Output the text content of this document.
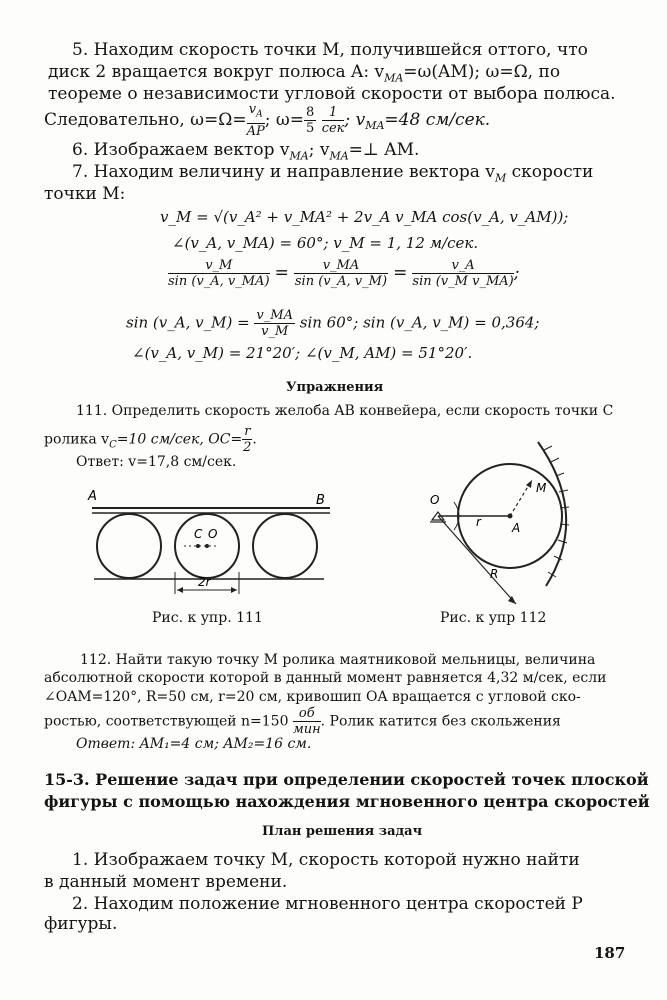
5. Находим скорость точки M, получившейся оттого, что
диск 2 вращается вокруг полюса A: $v_{MA}=\omega(AM)$; ω=Ω, по
теореме о независимости угловой скорости от выбора полюса.
Следовательно, $\omega=\Omega= \frac{v_A}{AP}$ ; $\omega= \frac{8}{5}$
$\frac{1}{\text{сек}}$ ; $v_{MA}=48$ см/сек.
6. Изображаем вектор $v_{MA}$; $v_{MA}=\perp$ AM.
7. Находим величину и направление вектора $v_M$ скорости
точки M:
v_M = √(v_A² + v_MA² + 2v_A v_MA cos(v_A, v_AM));
∠(v_A, v_MA) = 60°; v_M = 1, 12 м/сек.
$\frac{v\_M}{\sin (v\_A, v\_MA)} = \frac{v\_MA}{\sin (v\_A, v\_M)} = \frac{v\_A}{\text{sin (v\_M v\_MA)}}$ ;
sin (v_A, v_M) = $\frac{v\_MA}{v\_M}$ sin 60°; sin (v_A, v_M) = 0,364;
∠(v_A, v_M) = 21°20′; ∠(v_M, AM) = 51°20′.
Упражнения
111. Определить скорость желоба AB конвейера, если скорость точки C
ролика $v_C=10$ см/сек, $OC= \frac{r}{2}$ .
Ответ: v=17,8 см/сек.
A	B
C O
2r
Рис. к упр. 111
O
A
M
r
R
Рис. к упр 112
112. Найти такую точку M ролика маятниковой мельницы, величина
абсолютной скорости которой в данный момент равняется 4,32 м/сек, если
∠OAM=120°, R=50 см, r=20 см, кривошип OA вращается с угловой ско-
ростью, соответствующей $n=150 \frac{об}{\text{мин}}$ . Ролик катится без скольжения
Ответ: AM₁=4 см; AM₂=16 см.
15-3. Решение задач при определении скоростей точек плоской
фигуры с помощью нахождения мгновенного центра скоростей
План решения задач
1. Изображаем точку M, скорость которой нужно найти
в данный момент времени.
2. Находим положение мгновенного центра скоростей P
фигуры.
187
